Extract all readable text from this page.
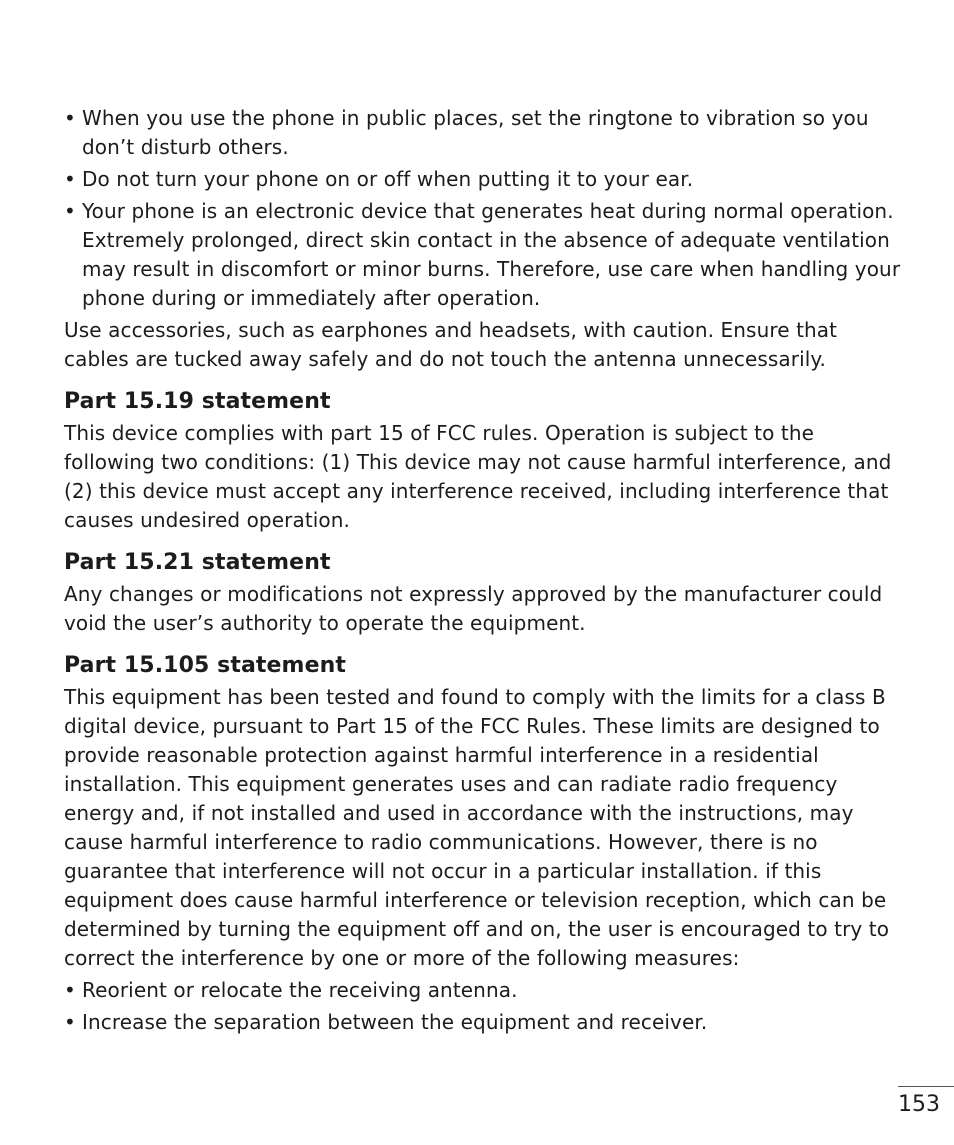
• When you use the phone in public places, set the ringtone to vibration so you don’t disturb others.
• Do not turn your phone on or off when putting it to your ear.
• Your phone is an electronic device that generates heat during normal operation. Extremely prolonged, direct skin contact in the absence of adequate ventilation may result in discomfort or minor burns. Therefore, use care when handling your phone during or immediately after operation.

Use accessories, such as earphones and headsets, with caution. Ensure that cables are tucked away safely and do not touch the antenna unnecessarily.

Part 15.19 statement

This device complies with part 15 of FCC rules. Operation is subject to the following two conditions: (1) This device may not cause harmful interference, and (2) this device must accept any interference received, including interference that causes undesired operation.

Part 15.21 statement

Any changes or modifications not expressly approved by the manufacturer could void the user’s authority to operate the equipment.

Part 15.105 statement

This equipment has been tested and found to comply with the limits for a class B digital device, pursuant to Part 15 of the FCC Rules. These limits are designed to provide reasonable protection against harmful interference in a residential installation. This equipment generates uses and can radiate radio frequency energy and, if not installed and used in accordance with the instructions, may cause harmful interference to radio communications. However, there is no guarantee that interference will not occur in a particular installation. if this equipment does cause harmful interference or television reception, which can be determined by turning the equipment off and on, the user is encouraged to try to correct the interference by one or more of the following measures:

• Reorient or relocate the receiving antenna.
• Increase the separation between the equipment and receiver.
153
